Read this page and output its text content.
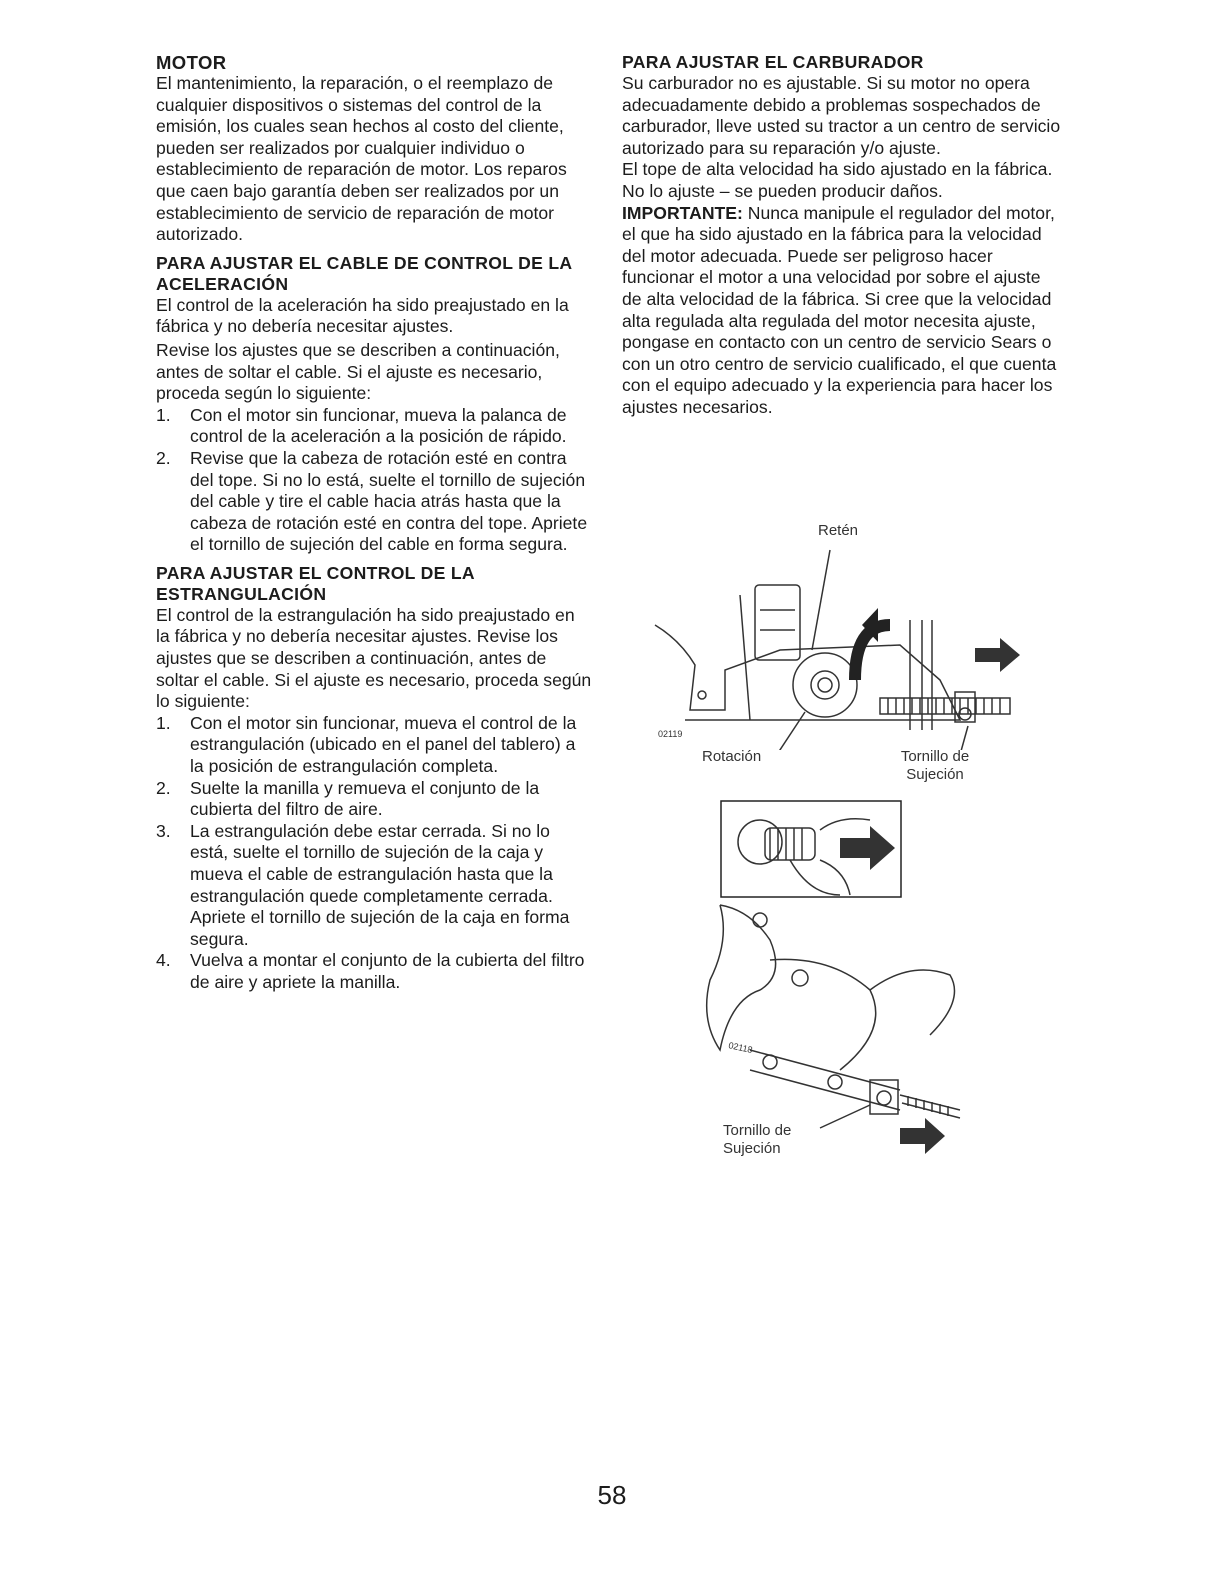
MOTOR

El mantenimiento, la reparación, o el reemplazo de cualquier dispositivos o sistemas del control de la emisión, los cuales sean hechos al costo del cliente, pueden ser realizados por cualquier individuo o establecimiento de reparación de motor. Los reparos que caen bajo garantía deben ser realizados por un establecimiento de servicio de reparación de motor autorizado.

PARA AJUSTAR EL CABLE DE CONTROL DE LA ACELERACIÓN

El control de la aceleración ha sido preajustado en la fábrica y no debería necesitar ajustes.

Revise los ajustes que se describen a continuación, antes de soltar el cable. Si el ajuste es necesario, proceda según lo siguiente:

1. Con el motor sin funcionar, mueva la palanca de control de la aceleración a la posición de rápido.
2. Revise que la cabeza de rotación esté en contra del tope. Si no lo está, suelte el tornillo de sujeción del cable y tire el cable hacia atrás hasta que la cabeza de rotación esté en contra del tope. Apriete el tornillo de sujeción del cable en forma segura.
PARA AJUSTAR EL CONTROL DE LA ESTRANGULACIÓN

El control de la estrangulación ha sido preajustado en la fábrica y no debería necesitar ajustes. Revise los ajustes que se describen a continuación, antes de soltar el cable. Si el ajuste es necesario, proceda según lo siguiente:

1. Con el motor sin funcionar, mueva el control de la estrangulación (ubicado en el panel del tablero) a la posición de estrangulación completa.
2. Suelte la manilla y remueva el conjunto de la cubierta del filtro de aire.
3. La estrangulación debe estar cerrada. Si no lo está, suelte el tornillo de sujeción de la caja y mueva el cable de estrangulación hasta que la estrangulación quede completamente cerrada. Apriete el tornillo de sujeción de la caja en forma segura.
4. Vuelva a montar el conjunto de la cubierta del filtro de aire y apriete la manilla.
PARA AJUSTAR EL CARBURADOR

Su carburador no es ajustable. Si su motor no opera adecuadamente debido a problemas sospechados de carburador, lleve usted su tractor a un centro de servicio autorizado para su reparación y/o ajuste.

El tope de alta velocidad ha sido ajustado en la fábrica. No lo ajuste – se pueden producir daños.

IMPORTANTE: Nunca manipule el regulador del motor, el que ha sido ajustado en la fábrica para la velocidad del motor adecuada. Puede ser peligroso hacer funcionar el motor a una velocidad por sobre el ajuste de alta velocidad de la fábrica. Si cree que la velocidad alta regulada alta regulada del motor necesita ajuste, pongase en contacto con un centro de servicio Sears o con un otro centro de servicio cualificado, el que cuenta con el equipo adecuado y la experiencia para hacer los ajustes necesarios.

Retén
Rotación	Tornillo de Sujeción
02119
02118
Tornillo de Sujeción
58
